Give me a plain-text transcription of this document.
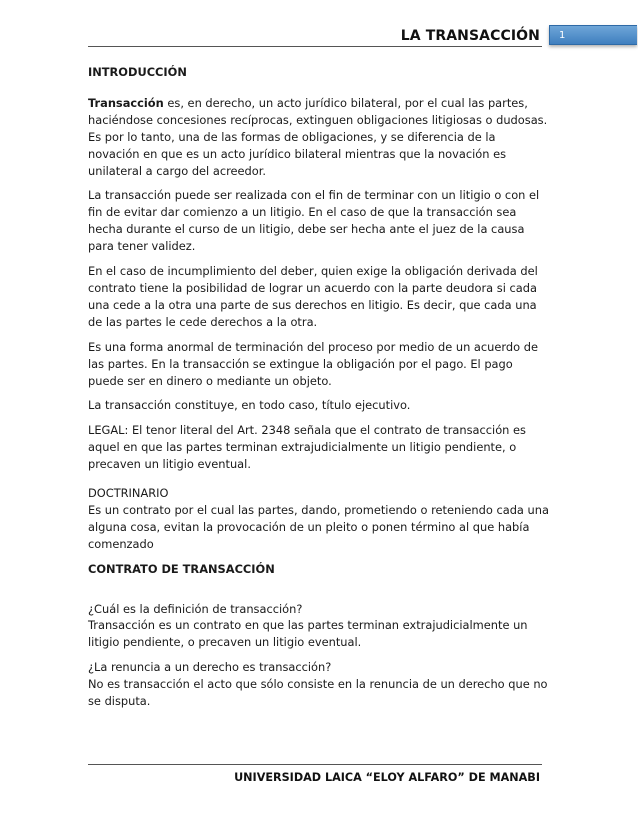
LA TRANSACCIÓN	1

INTRODUCCIÓN

Transacción es, en derecho, un acto jurídico bilateral, por el cual las partes, haciéndose concesiones recíprocas, extinguen obligaciones litigiosas o dudosas. Es por lo tanto, una de las formas de obligaciones, y se diferencia de la novación en que es un acto jurídico bilateral mientras que la novación es unilateral a cargo del acreedor.

La transacción puede ser realizada con el fin de terminar con un litigio o con el fin de evitar dar comienzo a un litigio. En el caso de que la transacción sea hecha durante el curso de un litigio, debe ser hecha ante el juez de la causa para tener validez.

En el caso de incumplimiento del deber, quien exige la obligación derivada del contrato tiene la posibilidad de lograr un acuerdo con la parte deudora si cada una cede a la otra una parte de sus derechos en litigio. Es decir, que cada una de las partes le cede derechos a la otra.

Es una forma anormal de terminación del proceso por medio de un acuerdo de las partes. En la transacción se extingue la obligación por el pago. El pago puede ser en dinero o mediante un objeto.

La transacción constituye, en todo caso, título ejecutivo.

LEGAL: El tenor literal del Art. 2348 señala que el contrato de transacción es aquel en que las partes terminan extrajudicialmente un litigio pendiente, o precaven un litigio eventual.

DOCTRINARIO
Es un contrato por el cual las partes, dando, prometiendo o reteniendo cada una alguna cosa, evitan la provocación de un pleito o ponen término al que había comenzado

CONTRATO DE TRANSACCIÓN

¿Cuál es la definición de transacción?
Transacción es un contrato en que las partes terminan extrajudicialmente un litigio pendiente, o precaven un litigio eventual.

¿La renuncia a un derecho es transacción?
No es transacción el acto que sólo consiste en la renuncia de un derecho que no se disputa.

UNIVERSIDAD LAICA “ELOY ALFARO” DE MANABI
